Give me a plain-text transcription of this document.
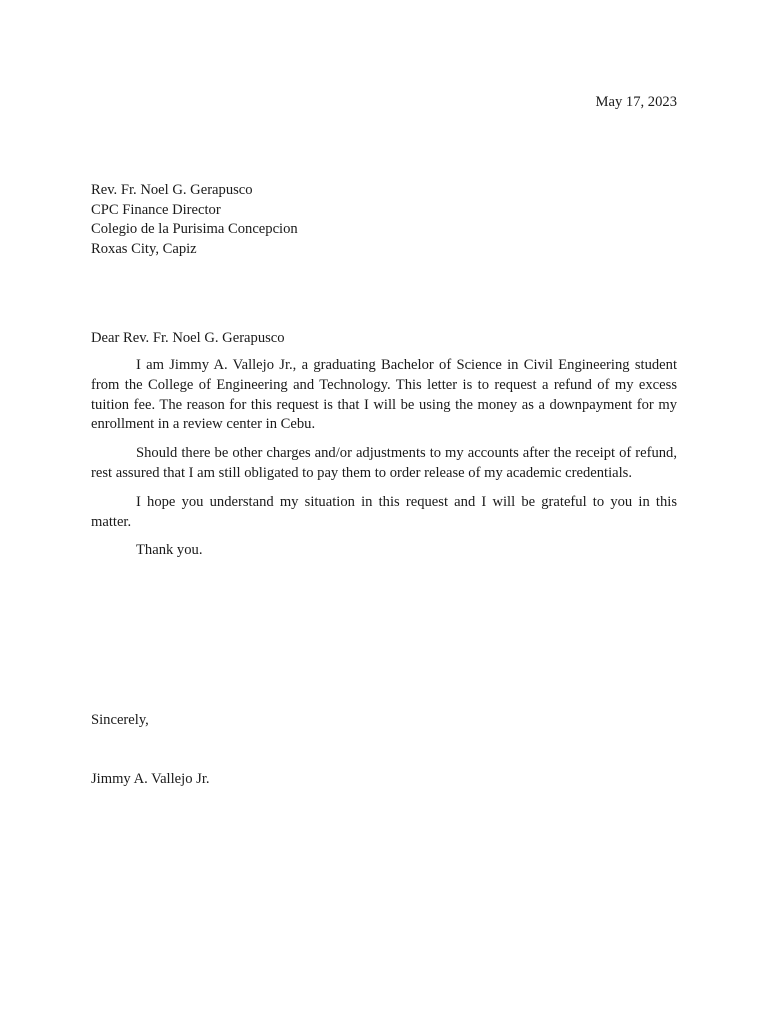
May 17, 2023
Rev. Fr. Noel G. Gerapusco
CPC Finance Director
Colegio de la Purisima Concepcion
Roxas City, Capiz
Dear Rev. Fr. Noel G. Gerapusco

I am Jimmy A. Vallejo Jr., a graduating Bachelor of Science in Civil Engineering student from the College of Engineering and Technology. This letter is to request a refund of my excess tuition fee. The reason for this request is that I will be using the money as a downpayment for my enrollment in a review center in Cebu.

Should there be other charges and/or adjustments to my accounts after the receipt of refund, rest assured that I am still obligated to pay them to order release of my academic credentials.

I hope you understand my situation in this request and I will be grateful to you in this matter.

Thank you.

Sincerely,
Jimmy A. Vallejo Jr.
